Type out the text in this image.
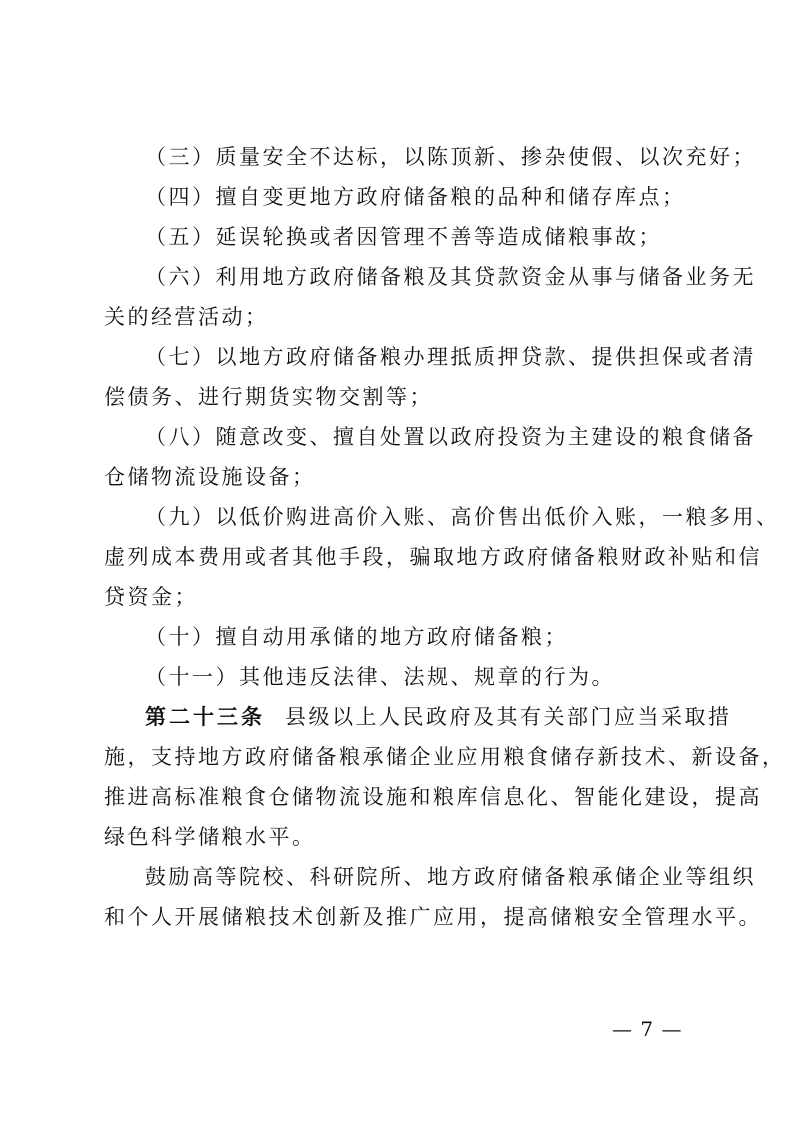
（三）质量安全不达标，以陈顶新、掺杂使假、以次充好；
（四）擅自变更地方政府储备粮的品种和储存库点；
（五）延误轮换或者因管理不善等造成储粮事故；
（六）利用地方政府储备粮及其贷款资金从事与储备业务无
关的经营活动；
（七）以地方政府储备粮办理抵质押贷款、提供担保或者清
偿债务、进行期货实物交割等；
（八）随意改变、擅自处置以政府投资为主建设的粮食储备
仓储物流设施设备；
（九）以低价购进高价入账、高价售出低价入账，一粮多用、
虚列成本费用或者其他手段，骗取地方政府储备粮财政补贴和信
贷资金；
（十）擅自动用承储的地方政府储备粮；
（十一）其他违反法律、法规、规章的行为。
第二十三条 县级以上人民政府及其有关部门应当采取措
施，支持地方政府储备粮承储企业应用粮食储存新技术、新设备，
推进高标准粮食仓储物流设施和粮库信息化、智能化建设，提高
绿色科学储粮水平。
鼓励高等院校、科研院所、地方政府储备粮承储企业等组织
和个人开展储粮技术创新及推广应用，提高储粮安全管理水平。
— 7 —
